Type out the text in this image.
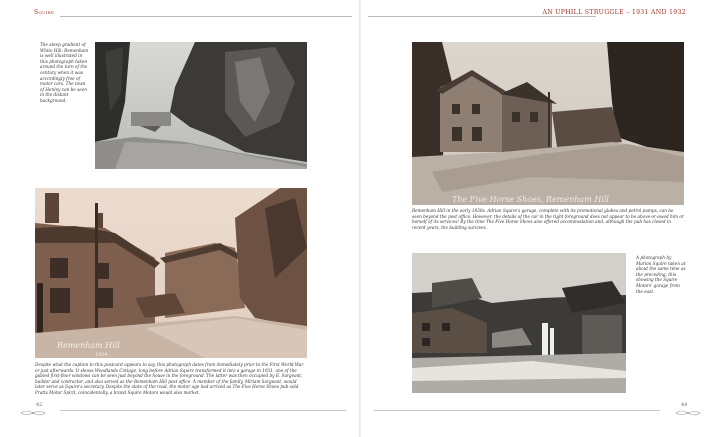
Squire	AN UPHILL STRUGGLE – 1931 AND 1932
The steep gradient of White Hill, Remenham is well illustrated in this photograph taken around the turn of the century when it was accordingly free of motor cars. The town of Henley can be seen in the distant background.
The Five Horse Shoes, Remenham Hill
Remenham Hill in the early 1930s. Adrian Squire's garage, complete with its promotional globes and petrol pumps, can be seen beyond the post office. However, the details of the car in the right foreground does not appear to be above-or-awed him or herself of its services! By the time The Five Horse Shoes also offered accommodation and, although the pub has closed in recent years, the building survives.
Remenham Hill
1904
Despite what the caption to this postcard appears to say, this photograph dates from immediately prior to the First World War or just afterwards. It shows Woodlands Cottage, long before Adrian Squire transformed it into a garage in 1931, one of the gabled first-floor windows can be seen just beyond the house in the foreground. The latter was then occupied by E. Sargeant, builder and contractor, and also served as the Remenham Hill post office. A member of the family, Miriam Sargeant, would later serve as Squire's secretary. Despite the state of the road, the motor age had arrived as The Five Horse Shoes pub sold Pratts Motor Spirit, coincidentally, a brand Squire Motors would also market.
A photograph by Marion Squire taken at about the same time as the preceding, this showing the Squire Motors' garage from the east.
42	44
